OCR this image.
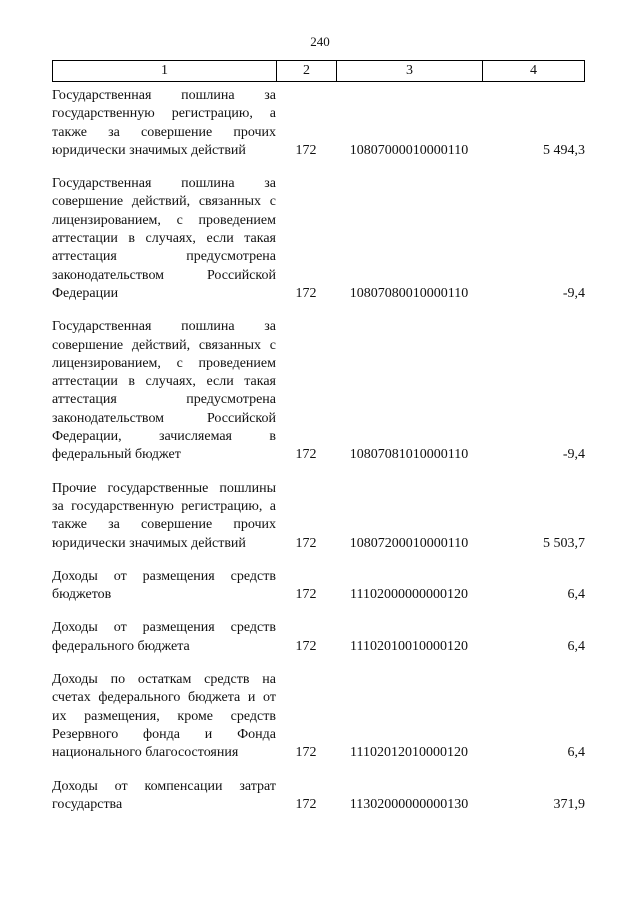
240
1	2	3	4
Государственная пошлина за государственную регистрацию, а также за совершение прочих юридически значимых действий	172	10807000010000110	5 494,3
Государственная пошлина за совершение действий, связанных с лицензированием, с проведением аттестации в случаях, если такая аттестация предусмотрена законодательством Российской Федерации	172	10807080010000110	-9,4
Государственная пошлина за совершение действий, связанных с лицензированием, с проведением аттестации в случаях, если такая аттестация предусмотрена законодательством Российской Федерации, зачисляемая в федеральный бюджет	172	10807081010000110	-9,4
Прочие государственные пошлины за государственную регистрацию, а также за совершение прочих юридически значимых действий	172	10807200010000110	5 503,7
Доходы от размещения средств бюджетов	172	11102000000000120	6,4
Доходы от размещения средств федерального бюджета	172	11102010010000120	6,4
Доходы по остаткам средств на счетах федерального бюджета и от их размещения, кроме средств Резервного фонда и Фонда национального благосостояния	172	11102012010000120	6,4
Доходы от компенсации затрат государства	172	11302000000000130	371,9
